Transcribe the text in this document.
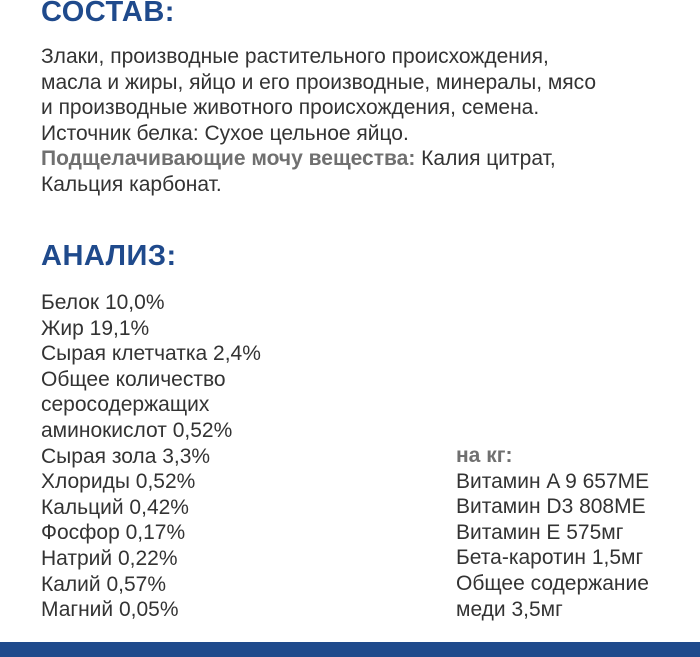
СОСТАВ:

Злаки, производные растительного происхождения,

масла и жиры, яйцо и его производные, минералы, мясо

и производные животного происхождения, семена.

Источник белка: Сухое цельное яйцо.

Подщелачивающие мочу вещества: Калия цитрат,

Кальция карбонат.

АНАЛИЗ:
Белок 10,0%
Жир 19,1%
Сырая клетчатка 2,4%
Общее количество
серосодержащих
аминокислот 0,52%
Сырая зола 3,3%
Хлориды 0,52%
Кальций 0,42%
Фосфор 0,17%
Натрий 0,22%
Калий 0,57%
Магний 0,05%
на кг:
Витамин A 9 657МЕ
Витамин D3 808МЕ
Витамин E 575мг
Бета-каротин 1,5мг
Общее содержание
меди 3,5мг
